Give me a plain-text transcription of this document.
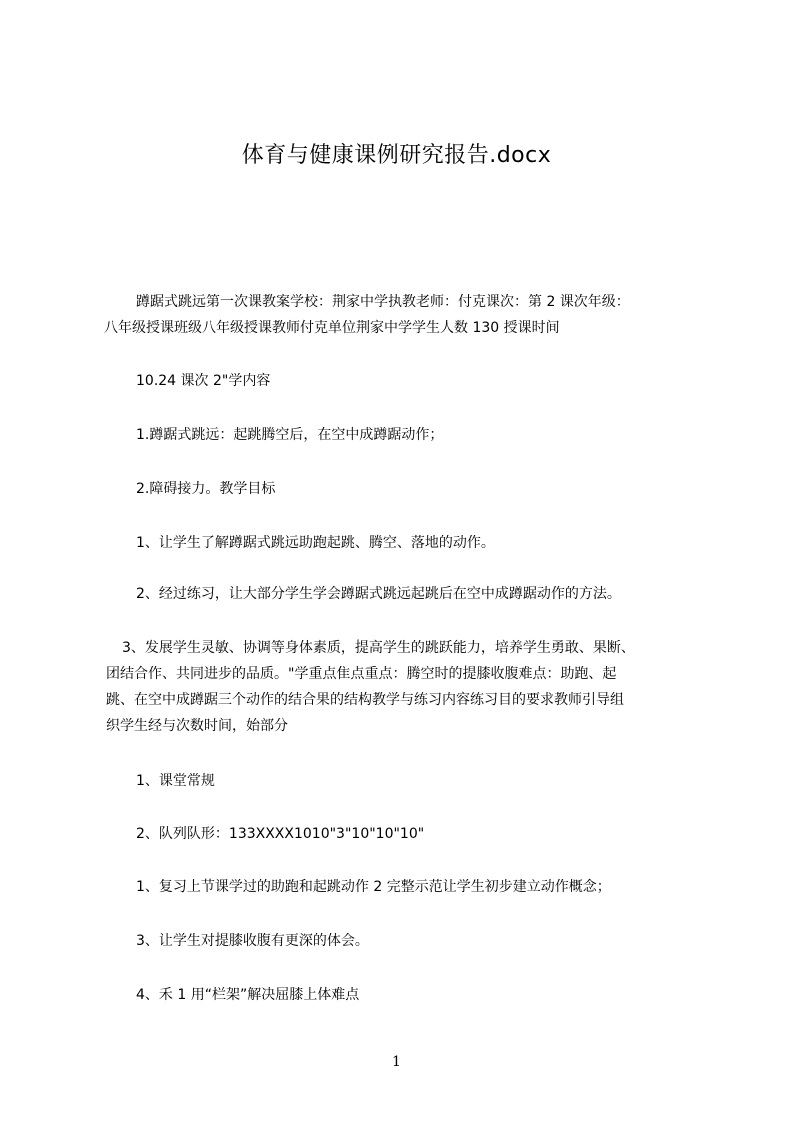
体育与健康课例研究报告.docx
蹲踞式跳远第一次课教案学校：荆家中学执教老师：付克课次：第 2 课次年级：
八年级授课班级八年级授课教师付克单位荆家中学学生人数 130 授课时间
10.24 课次 2"学内容
1.蹲踞式跳远：起跳腾空后，在空中成蹲踞动作；
2.障碍接力。教学目标
1、让学生了解蹲踞式跳远助跑起跳、腾空、落地的动作。
2、经过练习，让大部分学生学会蹲踞式跳远起跳后在空中成蹲踞动作的方法。
3、发展学生灵敏、协调等身体素质，提高学生的跳跃能力，培养学生勇敢、果断、
团结合作、共同进步的品质。"学重点隹点重点：腾空时的提膝收腹难点：助跑、起
跳、在空中成蹲踞三个动作的结合果的结构教学与练习内容练习目的要求教师引导组
织学生经与次数时间，始部分
1、课堂常规
2、队列队形：133XXXX1010"3"10"10"10"
1、复习上节课学过的助跑和起跳动作 2 完整示范让学生初步建立动作概念；
3、让学生对提膝收腹有更深的体会。
4、禾 1 用“栏架”解决屈膝上体难点
1
